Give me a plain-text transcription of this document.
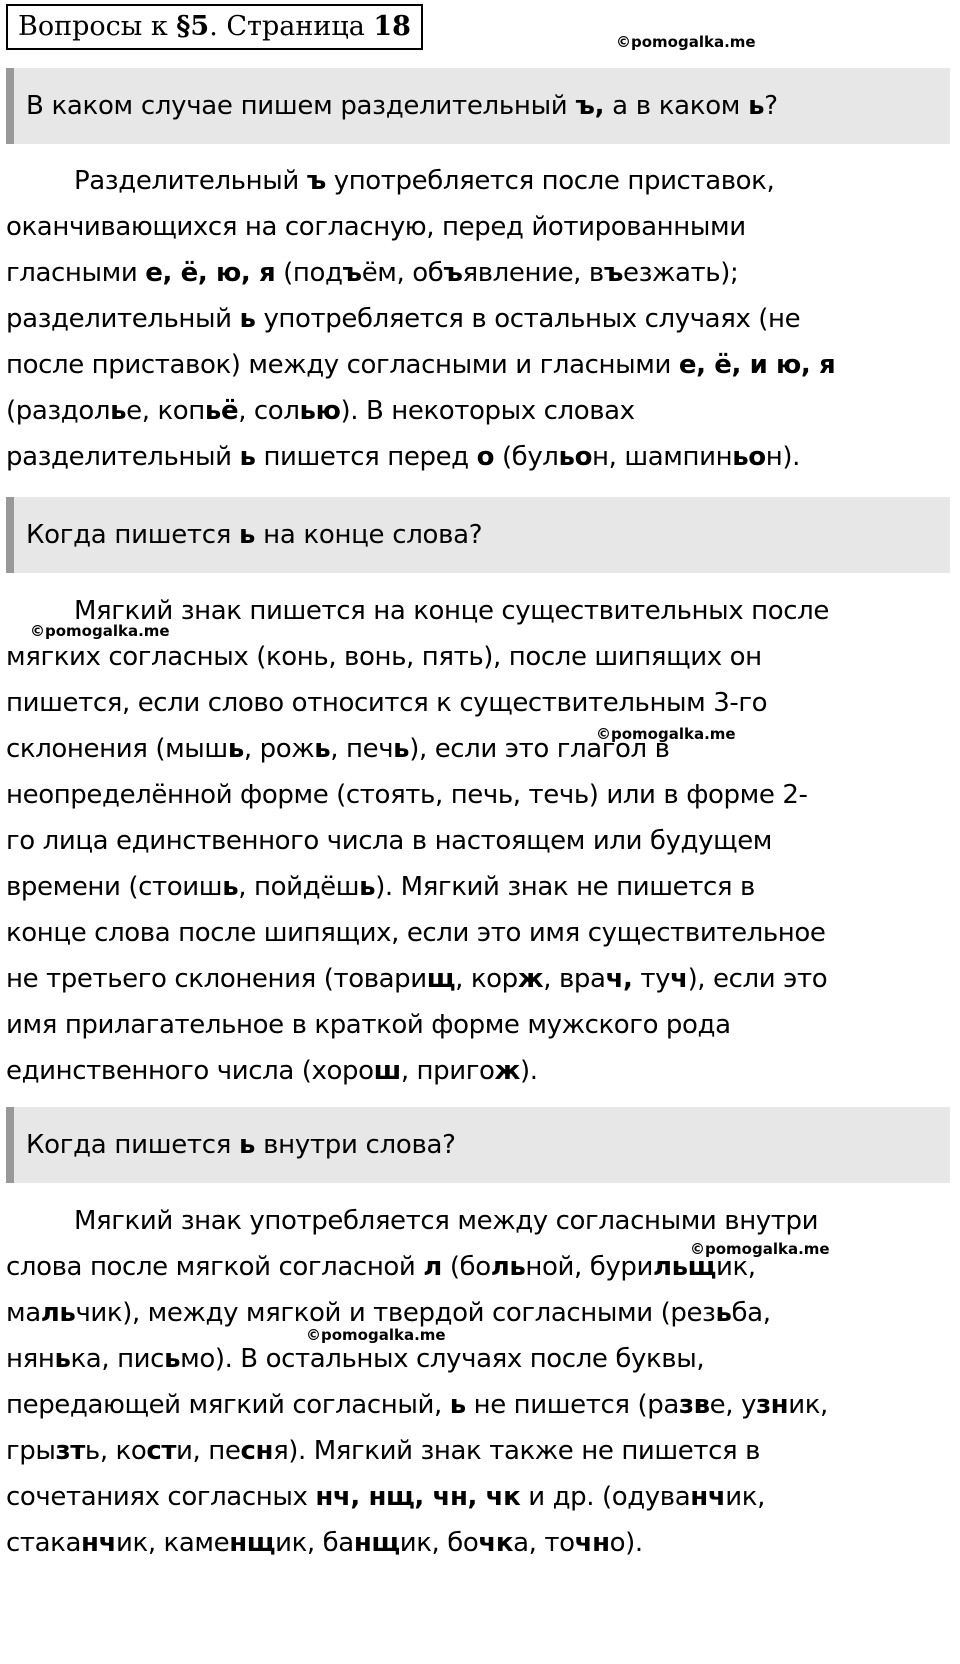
Вопросы к §5. Страница 18	©pomogalka.me
©pomogalka.me
©pomogalka.me
©pomogalka.me
©pomogalka.me
В каком случае пишем разделительный ъ, а в каком ь?
Разделительный ъ употребляется после приставок,
оканчивающихся на согласную, перед йотированными
гласными е, ё, ю, я (подъём, объявление, въезжать);
разделительный ь употребляется в остальных случаях (не
после приставок) между согласными и гласными е, ё, и ю, я
(раздолье, копьё, солью). В некоторых словах
разделительный ь пишется перед о (бульон, шампиньон).
Когда пишется ь на конце слова?
Мягкий знак пишется на конце существительных после
мягких согласных (конь, вонь, пять), после шипящих он
пишется, если слово относится к существительным 3-го
склонения (мышь, рожь, печь), если это глагол в
неопределённой форме (стоять, печь, течь) или в форме 2-
го лица единственного числа в настоящем или будущем
времени (стоишь, пойдёшь). Мягкий знак не пишется в
конце слова после шипящих, если это имя существительное
не третьего склонения (товарищ, корж, врач, туч), если это
имя прилагательное в краткой форме мужского рода
единственного числа (хорош, пригож).
Когда пишется ь внутри слова?
Мягкий знак употребляется между согласными внутри
слова после мягкой согласной л (больной, бурильщик,
мальчик), между мягкой и твердой согласными (резьба,
нянька, письмо). В остальных случаях после буквы,
передающей мягкий согласный, ь не пишется (разве, узник,
грызть, кости, песня). Мягкий знак также не пишется в
сочетаниях согласных нч, нщ, чн, чк и др. (одуванчик,
стаканчик, каменщик, банщик, бочка, точно).
